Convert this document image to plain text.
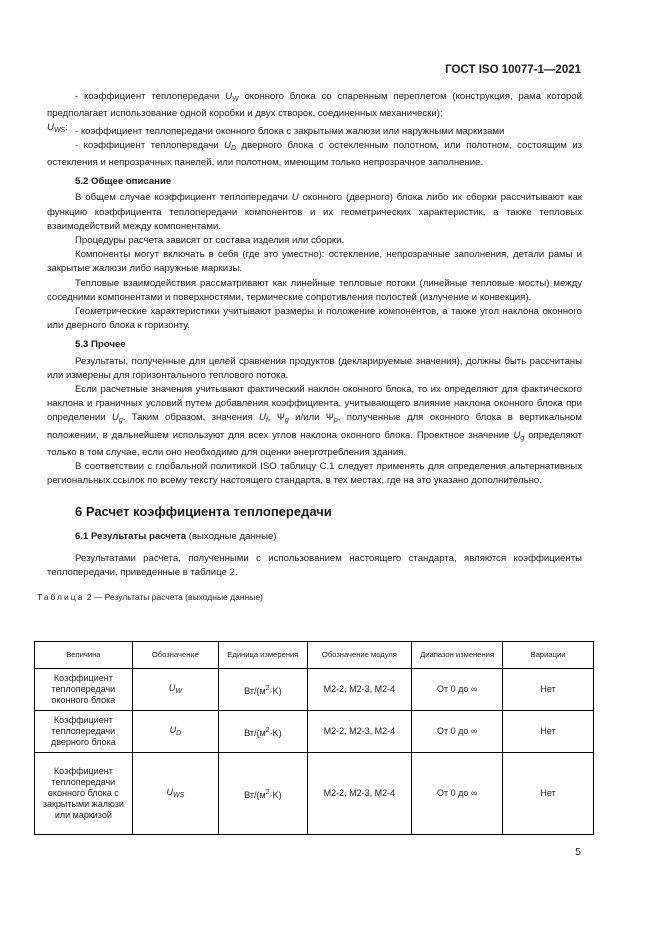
ГОСТ ISO 10077-1—2021

- коэффициент теплопередачи $U_W$ оконного блока со спаренным переплетом (конструкция, рама которой предполагает использование одной коробки и двух створок, соединенных механически);

$U_{WS}$: - коэффициент теплопередачи оконного блока с закрытыми жалюзи или наружными маркизами

- коэффициент теплопередачи $U_D$ дверного блока с остекленным полотном, или полотном, состоящим из остекления и непрозрачных панелей, или полотном, имеющим только непрозрачное заполнение.

5.2 Общее описание

В общем случае коэффициент теплопередачи U оконного (дверного) блока либо их сборки рассчитывают как функцию коэффициента теплопередачи компонентов и их геометрических характеристик, а также тепловых взаимодействий между компонентами.

Процедуры расчета зависят от состава изделия или сборки.

Компоненты могут включать в себя (где это уместно): остекление, непрозрачные заполнения, детали рамы и закрытые жалюзи либо наружные маркизы.

Тепловые взаимодействия рассматривают как линейные тепловые потоки (линейные тепловые мосты) между соседними компонентами и поверхностями, термические сопротивления полостей (излучение и конвекция).

Геометрические характеристики учитывают размеры и положение компонентов, а также угол наклона оконного или дверного блока к горизонту.

5.3 Прочее

Результаты, полученные для целей сравнения продуктов (декларируемые значения), должны быть рассчитаны или измерены для горизонтального теплового потока.

Если расчетные значения учитывают фактический наклон оконного блока, то их определяют для фактического наклона и граничных условий путем добавления коэффициента, учитывающего влияние наклона оконного блока при определении $U_g$. Таким образом, значения $U_f$, $\Psi_g$ и/или $\Psi_p$, полученные для оконного блока в вертикальном положении, в дальнейшем используют для всех углов наклона оконного блока. Проектное значение $U_g$ определяют только в том случае, если оно необходимо для оценки энерготребления здания.

В соответствии с глобальной политикой ISO таблицу C.1 следует применять для определения альтернативных региональных ссылок по всему тексту настоящего стандарта, в тех местах, где на это указано дополнительно.

6 Расчет коэффициента теплопередачи

6.1 Результаты расчета (выходные данные)

Результатами расчета, полученными с использованием настоящего стандарта, являются коэффициенты теплопередачи, приведенные в таблице 2.

Таблица 2 — Результаты расчета (выходные данные)

Величина	Обозначение	Единица измерения	Обозначение модуля	Диапазон изменения	Вариации
Коэффициент теплопередачи оконного блока	$U_W$	$Вт/(м^2\cdot K)$	M2-2, M2-3, M2-4	От 0 до ∞	Нет
Коэффициент теплопередачи дверного блока	$U_D$	$Вт/(м^2\cdot K)$	M2-2, M2-3, M2-4	От 0 до ∞	Нет
Коэффициент теплопередачи оконного блока с закрытыми жалюзи или маркизой	$U_{WS}$	$Вт/(м^2\cdot K)$	M2-2, M2-3, M2-4	От 0 до ∞	Нет
5
